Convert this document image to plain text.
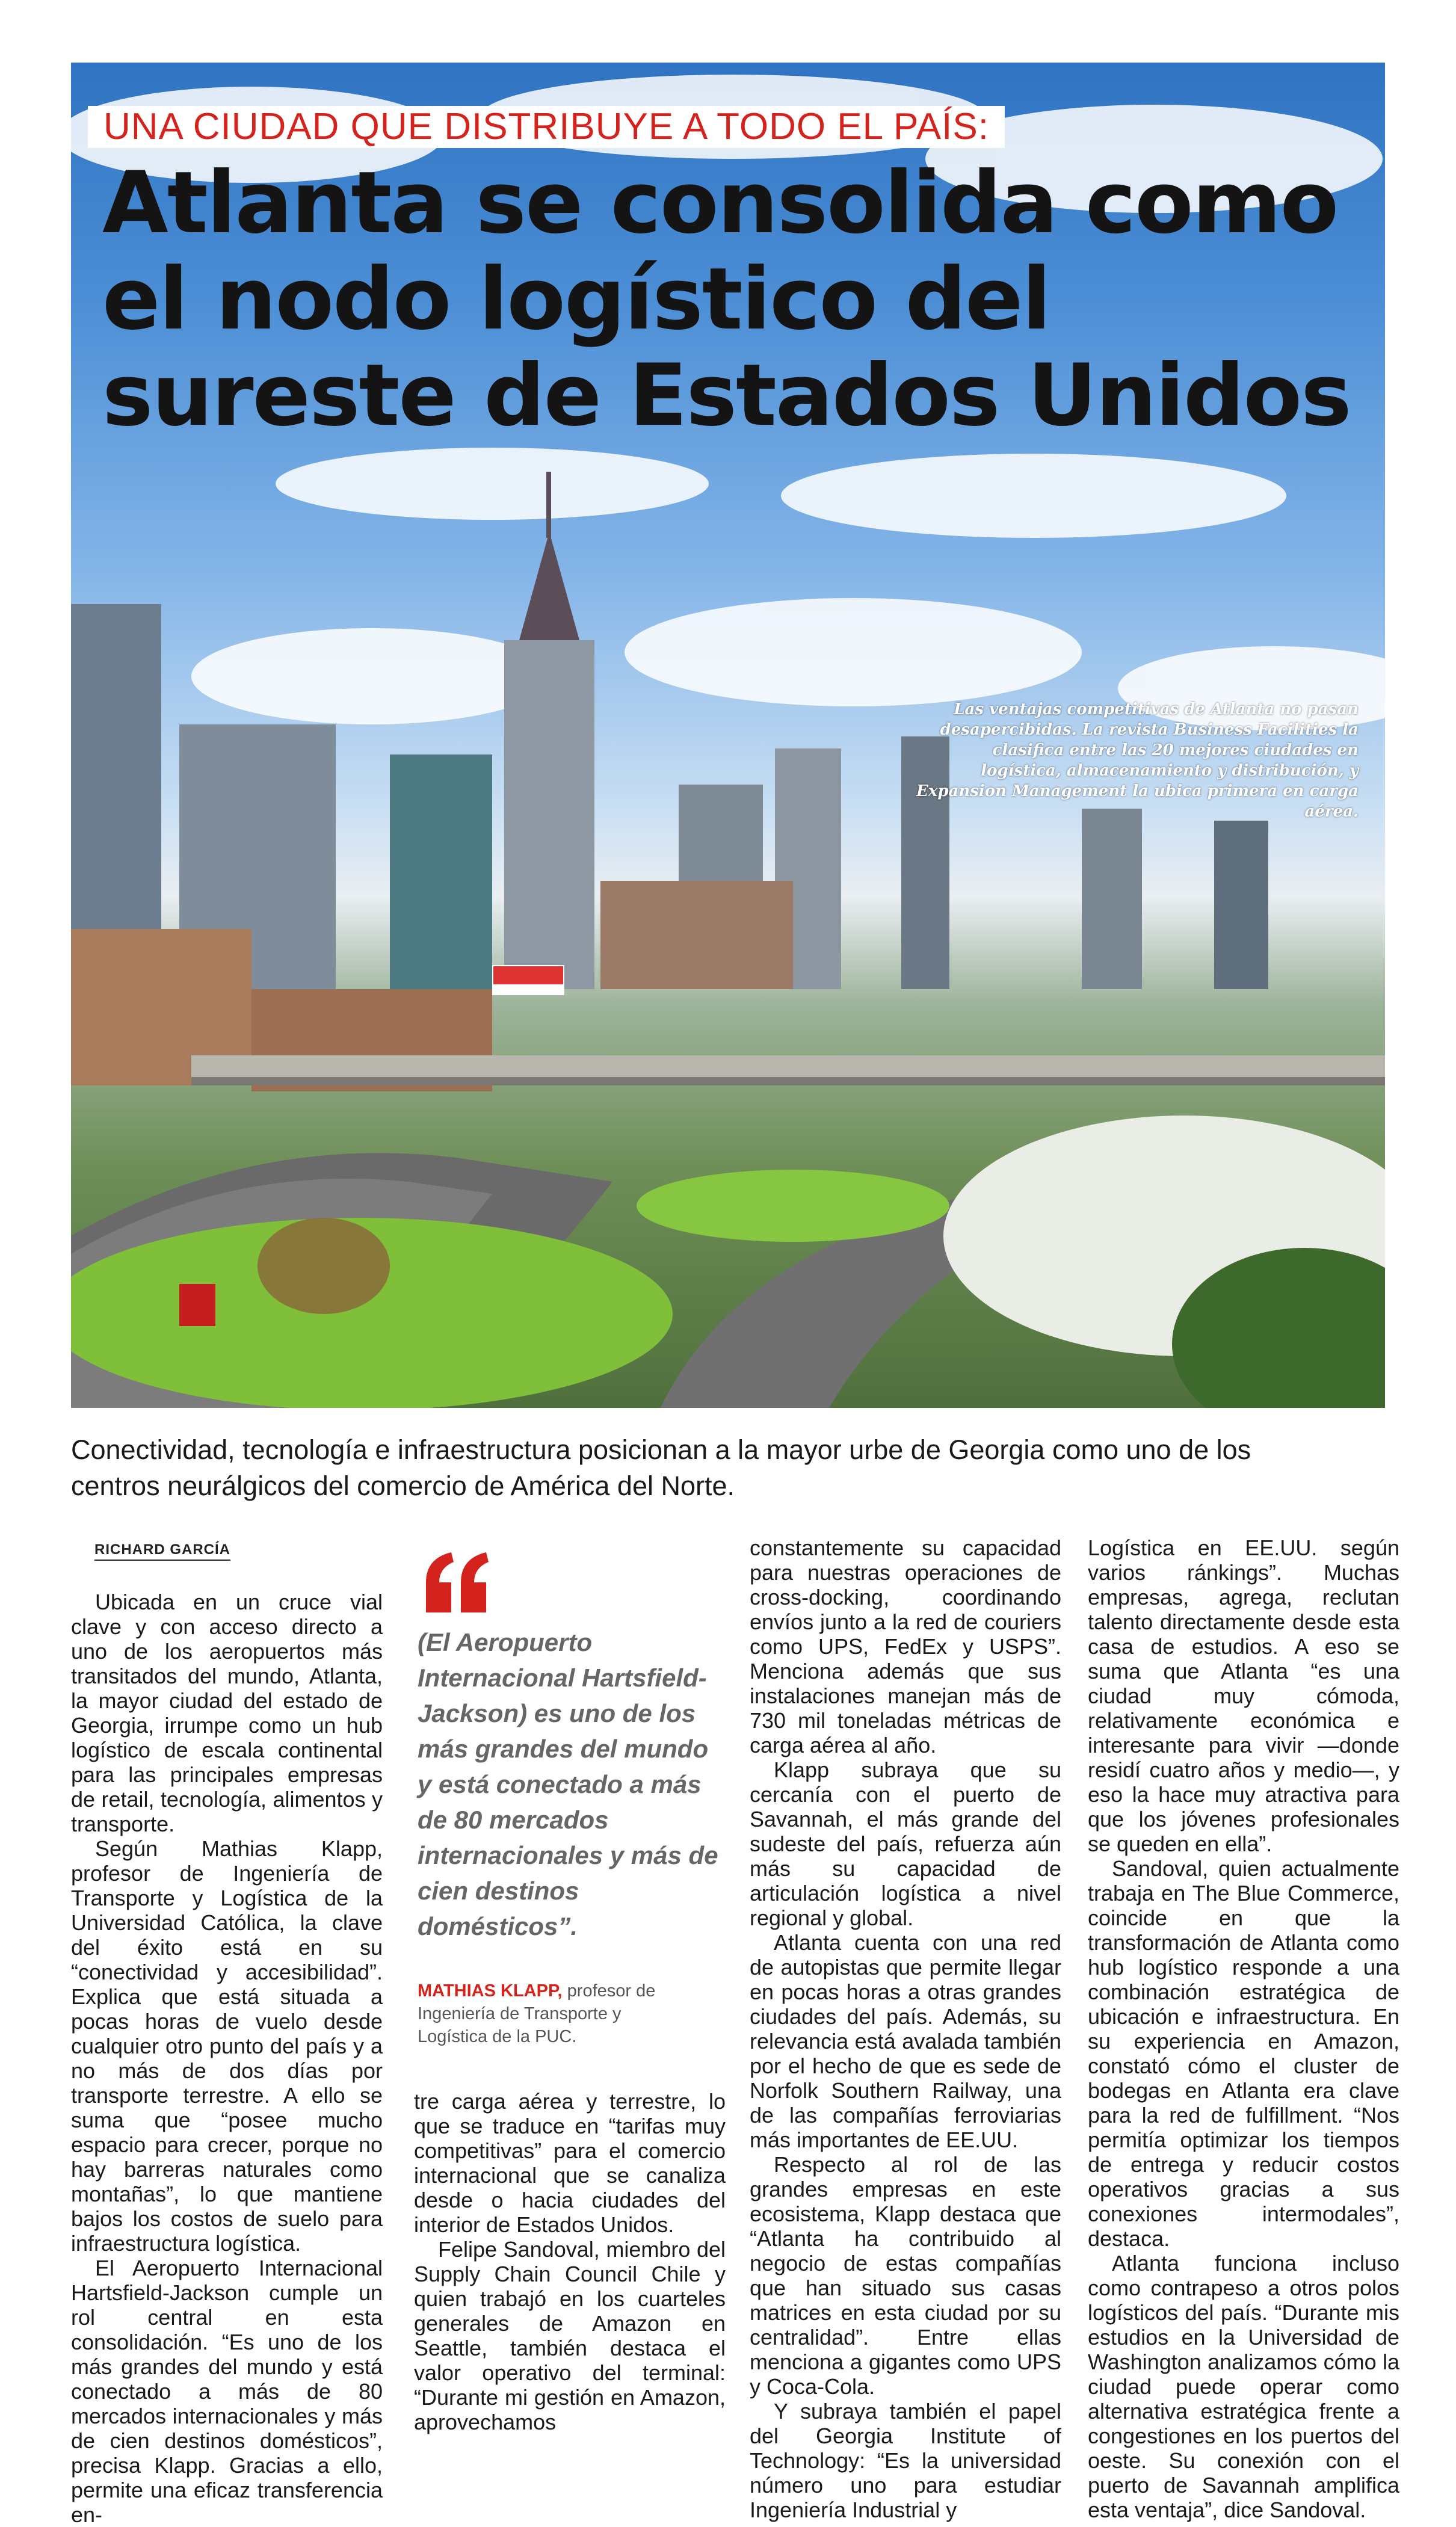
UNA CIUDAD QUE DISTRIBUYE A TODO EL PAÍS:
Atlanta se consolida como
el nodo logístico del
sureste de Estados Unidos
Las ventajas competitivas de Atlanta no pasan desapercibidas. La revista Business Facilities la clasifica entre las 20 mejores ciudades en logística, almacenamiento y distribución, y Expansion Management la ubica primera en carga aérea.

Conectividad, tecnología e infraestructura posicionan a la mayor urbe de Georgia como uno de los centros neurálgicos del comercio de América del Norte.

RICHARD GARCÍA

Ubicada en un cruce vial clave y con acceso directo a uno de los aeropuertos más transitados del mundo, Atlanta, la mayor ciudad del estado de Georgia, irrumpe como un hub logístico de escala continental para las principales empresas de retail, tecnología, alimentos y transporte.

Según Mathias Klapp, profesor de Ingeniería de Transporte y Logística de la Universidad Católica, la clave del éxito está en su “conectividad y accesibilidad”. Explica que está situada a pocas horas de vuelo desde cualquier otro punto del país y a no más de dos días por transporte terrestre. A ello se suma que “posee mucho espacio para crecer, porque no hay barreras naturales como montañas”, lo que mantiene bajos los costos de suelo para infraestructura logística.

El Aeropuerto Internacional Hartsfield-Jackson cumple un rol central en esta consolidación. “Es uno de los más grandes del mundo y está conectado a más de 80 mercados internacionales y más de cien destinos domésticos”, precisa Klapp. Gracias a ello, permite una eficaz transferencia en-

(El Aeropuerto Internacional Hartsfield-Jackson) es uno de los más grandes del mundo y está conectado a más de 80 mercados internacionales y más de cien destinos domésticos”.

MATHIAS KLAPP, profesor de Ingeniería de Transporte y Logística de la PUC.

tre carga aérea y terrestre, lo que se traduce en “tarifas muy competitivas” para el comercio internacional que se canaliza desde o hacia ciudades del interior de Estados Unidos.

Felipe Sandoval, miembro del Supply Chain Council Chile y quien trabajó en los cuarteles generales de Amazon en Seattle, también destaca el valor operativo del terminal: “Durante mi gestión en Amazon, aprovechamos

constantemente su capacidad para nuestras operaciones de cross-docking, coordinando envíos junto a la red de couriers como UPS, FedEx y USPS”. Menciona además que sus instalaciones manejan más de 730 mil toneladas métricas de carga aérea al año.

Klapp subraya que su cercanía con el puerto de Savannah, el más grande del sudeste del país, refuerza aún más su capacidad de articulación logística a nivel regional y global.

Atlanta cuenta con una red de autopistas que permite llegar en pocas horas a otras grandes ciudades del país. Además, su relevancia está avalada también por el hecho de que es sede de Norfolk Southern Railway, una de las compañías ferroviarias más importantes de EE.UU.

Respecto al rol de las grandes empresas en este ecosistema, Klapp destaca que “Atlanta ha contribuido al negocio de estas compañías que han situado sus casas matrices en esta ciudad por su centralidad”. Entre ellas menciona a gigantes como UPS y Coca-Cola.

Y subraya también el papel del Georgia Institute of Technology: “Es la universidad número uno para estudiar Ingeniería Industrial y

Logística en EE.UU. según varios ránkings”. Muchas empresas, agrega, reclutan talento directamente desde esta casa de estudios. A eso se suma que Atlanta “es una ciudad muy cómoda, relativamente económica e interesante para vivir —donde residí cuatro años y medio—, y eso la hace muy atractiva para que los jóvenes profesionales se queden en ella”.

Sandoval, quien actualmente trabaja en The Blue Commerce, coincide en que la transformación de Atlanta como hub logístico responde a una combinación estratégica de ubicación e infraestructura. En su experiencia en Amazon, constató cómo el cluster de bodegas en Atlanta era clave para la red de fulfillment. “Nos permitía optimizar los tiempos de entrega y reducir costos operativos gracias a sus conexiones intermodales”, destaca.

Atlanta funciona incluso como contrapeso a otros polos logísticos del país. “Durante mis estudios en la Universidad de Washington analizamos cómo la ciudad puede operar como alternativa estratégica frente a congestiones en los puertos del oeste. Su conexión con el puerto de Savannah amplifica esta ventaja”, dice Sandoval.
